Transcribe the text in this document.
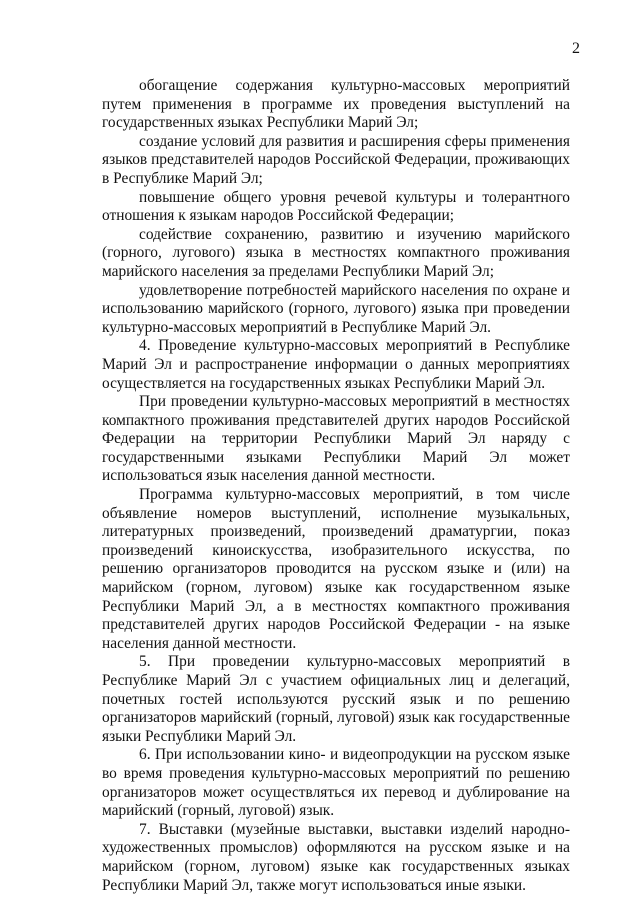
2

обогащение содержания культурно-массовых мероприятий путем применения в программе их проведения выступлений на государственных языках Республики Марий Эл;

создание условий для развития и расширения сферы применения языков представителей народов Российской Федерации, проживающих в Республике Марий Эл;

повышение общего уровня речевой культуры и толерантного отношения к языкам народов Российской Федерации;

содействие сохранению, развитию и изучению марийского (горного, лугового) языка в местностях компактного проживания марийского населения за пределами Республики Марий Эл;

удовлетворение потребностей марийского населения по охране и использованию марийского (горного, лугового) языка при проведении культурно-массовых мероприятий в Республике Марий Эл.

4. Проведение культурно-массовых мероприятий в Республике Марий Эл и распространение информации о данных мероприятиях осуществляется на государственных языках Республики Марий Эл.

При проведении культурно-массовых мероприятий в местностях компактного проживания представителей других народов Российской Федерации на территории Республики Марий Эл наряду с государственными языками Республики Марий Эл может использоваться язык населения данной местности.

Программа культурно-массовых мероприятий, в том числе объявление номеров выступлений, исполнение музыкальных, литературных произведений, произведений драматургии, показ произведений киноискусства, изобразительного искусства, по решению организаторов проводится на русском языке и (или) на марийском (горном, луговом) языке как государственном языке Республики Марий Эл, а в местностях компактного проживания представителей других народов Российской Федерации - на языке населения данной местности.

5. При проведении культурно-массовых мероприятий в Республике Марий Эл с участием официальных лиц и делегаций, почетных гостей используются русский язык и по решению организаторов марийский (горный, луговой) язык как государственные языки Республики Марий Эл.

6. При использовании кино- и видеопродукции на русском языке во время проведения культурно-массовых мероприятий по решению организаторов может осуществляться их перевод и дублирование на марийский (горный, луговой) язык.

7. Выставки (музейные выставки, выставки изделий народно-художественных промыслов) оформляются на русском языке и на марийском (горном, луговом) языке как государственных языках Республики Марий Эл, также могут использоваться иные языки.
